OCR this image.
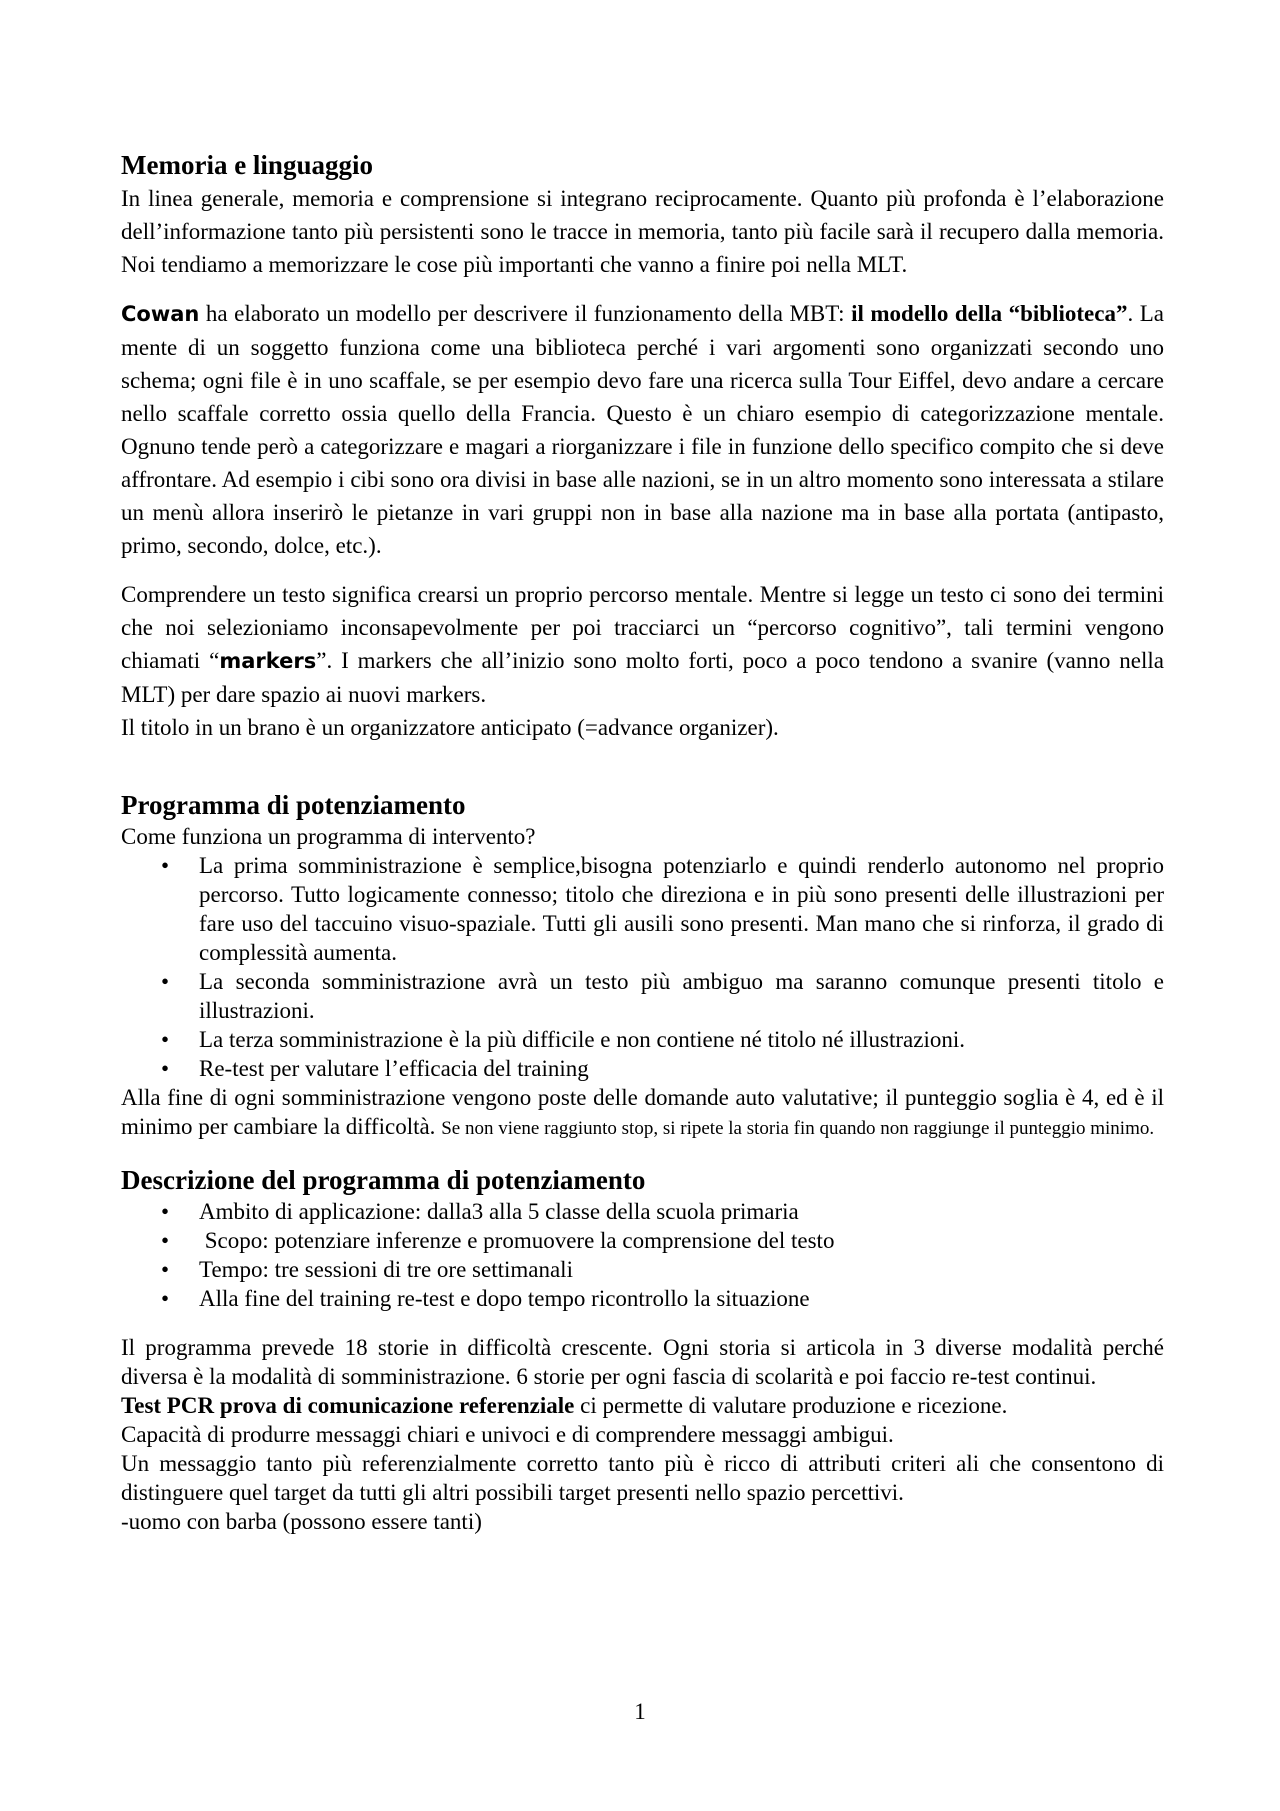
Memoria e linguaggio

In linea generale, memoria e comprensione si integrano reciprocamente. Quanto più profonda è l’elaborazione dell’informazione tanto più persistenti sono le tracce in memoria, tanto più facile sarà il recupero dalla memoria. Noi tendiamo a memorizzare le cose più importanti che vanno a finire poi nella MLT.

Cowan ha elaborato un modello per descrivere il funzionamento della MBT: il modello della “biblioteca”. La mente di un soggetto funziona come una biblioteca perché i vari argomenti sono organizzati secondo uno schema; ogni file è in uno scaffale, se per esempio devo fare una ricerca sulla Tour Eiffel, devo andare a cercare nello scaffale corretto ossia quello della Francia. Questo è un chiaro esempio di categorizzazione mentale. Ognuno tende però a categorizzare e magari a riorganizzare i file in funzione dello specifico compito che si deve affrontare. Ad esempio i cibi sono ora divisi in base alle nazioni, se in un altro momento sono interessata a stilare un menù allora inserirò le pietanze in vari gruppi non in base alla nazione ma in base alla portata (antipasto, primo, secondo, dolce, etc.).

Comprendere un testo significa crearsi un proprio percorso mentale. Mentre si legge un testo ci sono dei termini che noi selezioniamo inconsapevolmente per poi tracciarci un “percorso cognitivo”, tali termini vengono chiamati “markers”. I markers che all’inizio sono molto forti, poco a poco tendono a svanire (vanno nella MLT) per dare spazio ai nuovi markers.

Il titolo in un brano è un organizzatore anticipato (=advance organizer).

Programma di potenziamento

Come funziona un programma di intervento?

• La prima somministrazione è semplice,bisogna potenziarlo e quindi renderlo autonomo nel proprio percorso. Tutto logicamente connesso; titolo che direziona e in più sono presenti delle illustrazioni per fare uso del taccuino visuo-spaziale. Tutti gli ausili sono presenti. Man mano che si rinforza, il grado di complessità aumenta.
• La seconda somministrazione avrà un testo più ambiguo ma saranno comunque presenti titolo e illustrazioni.
• La terza somministrazione è la più difficile e non contiene né titolo né illustrazioni.
• Re-test per valutare l’efficacia del training

Alla fine di ogni somministrazione vengono poste delle domande auto valutative; il punteggio soglia è 4, ed è il minimo per cambiare la difficoltà. Se non viene raggiunto stop, si ripete la storia fin quando non raggiunge il punteggio minimo.

Descrizione del programma di potenziamento
• Ambito di applicazione: dalla3 alla 5 classe della scuola primaria
•  Scopo: potenziare inferenze e promuovere la comprensione del testo
• Tempo: tre sessioni di tre ore settimanali
• Alla fine del training re-test e dopo tempo ricontrollo la situazione

Il programma prevede 18 storie in difficoltà crescente. Ogni storia si articola in 3 diverse modalità perché diversa è la modalità di somministrazione. 6 storie per ogni fascia di scolarità e poi faccio re-test continui.

Test PCR prova di comunicazione referenziale ci permette di valutare produzione e ricezione.

Capacità di produrre messaggi chiari e univoci e di comprendere messaggi ambigui.

Un messaggio tanto più referenzialmente corretto tanto più è ricco di attributi criteri ali che consentono di distinguere quel target da tutti gli altri possibili target presenti nello spazio percettivi.

-uomo con barba (possono essere tanti)

1
